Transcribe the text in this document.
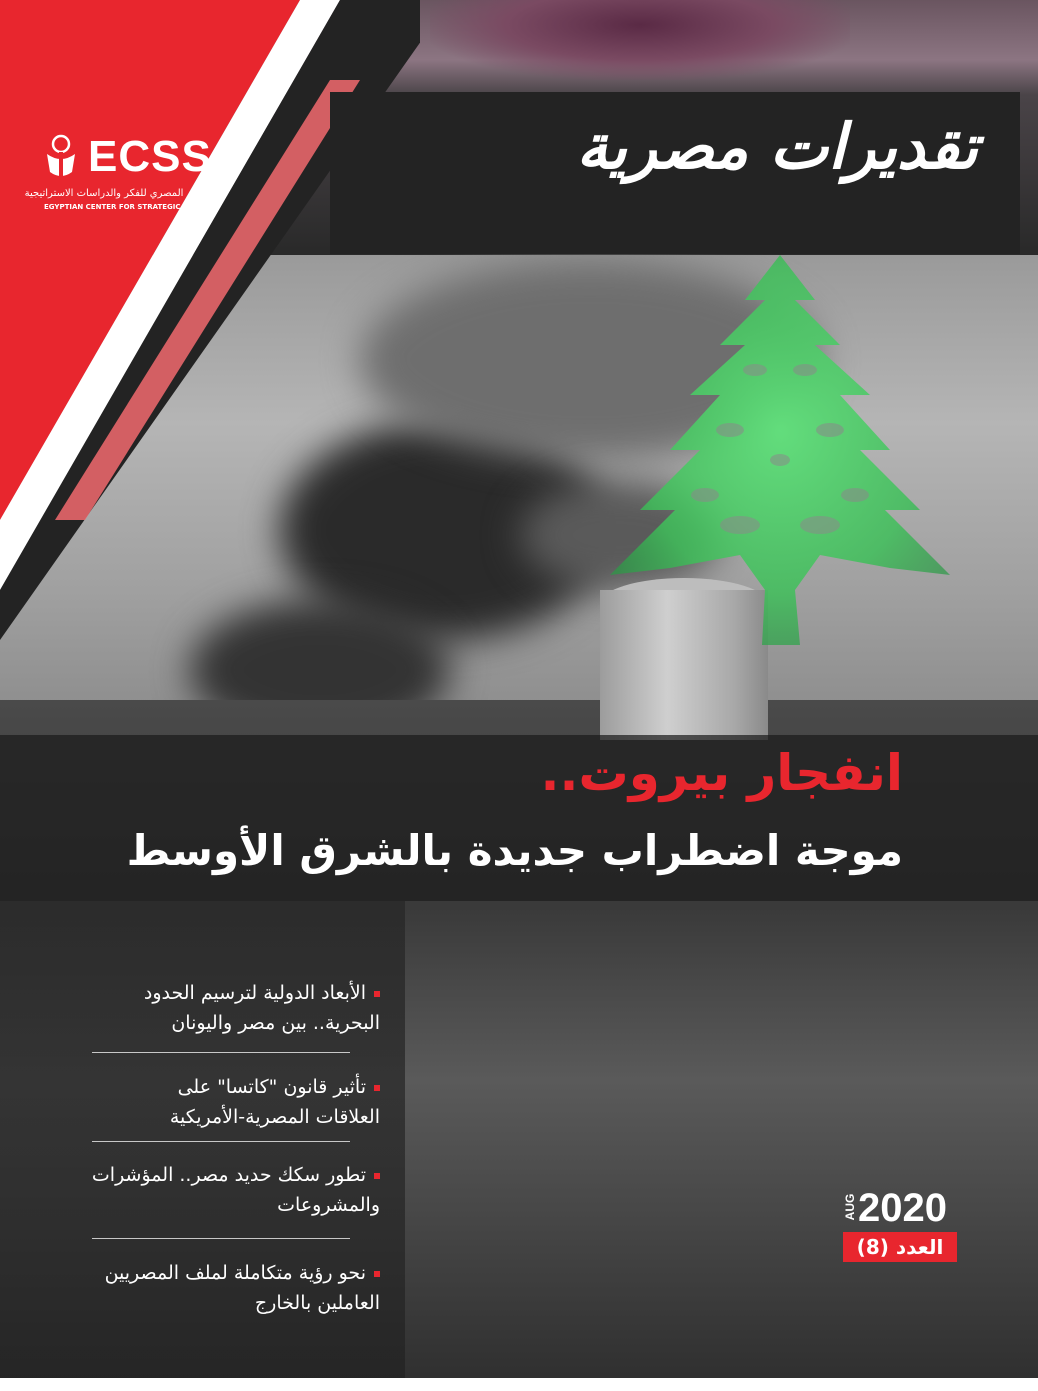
تقديرات مصرية
ECSS
المركز المصري للفكر والدراسات الاستراتيجية
EGYPTIAN CENTER FOR STRATEGIC STUDIES
انفجار بيروت..
موجة اضطراب جديدة بالشرق الأوسط
الأبعاد الدولية لترسيم الحدود
البحرية.. بين مصر واليونان
تأثير قانون "كاتسا" على
العلاقات المصرية-الأمريكية
تطور سكك حديد مصر.. المؤشرات
والمشروعات
نحو رؤية متكاملة لملف المصريين
العاملين بالخارج
AUG 2020
العدد (8)
